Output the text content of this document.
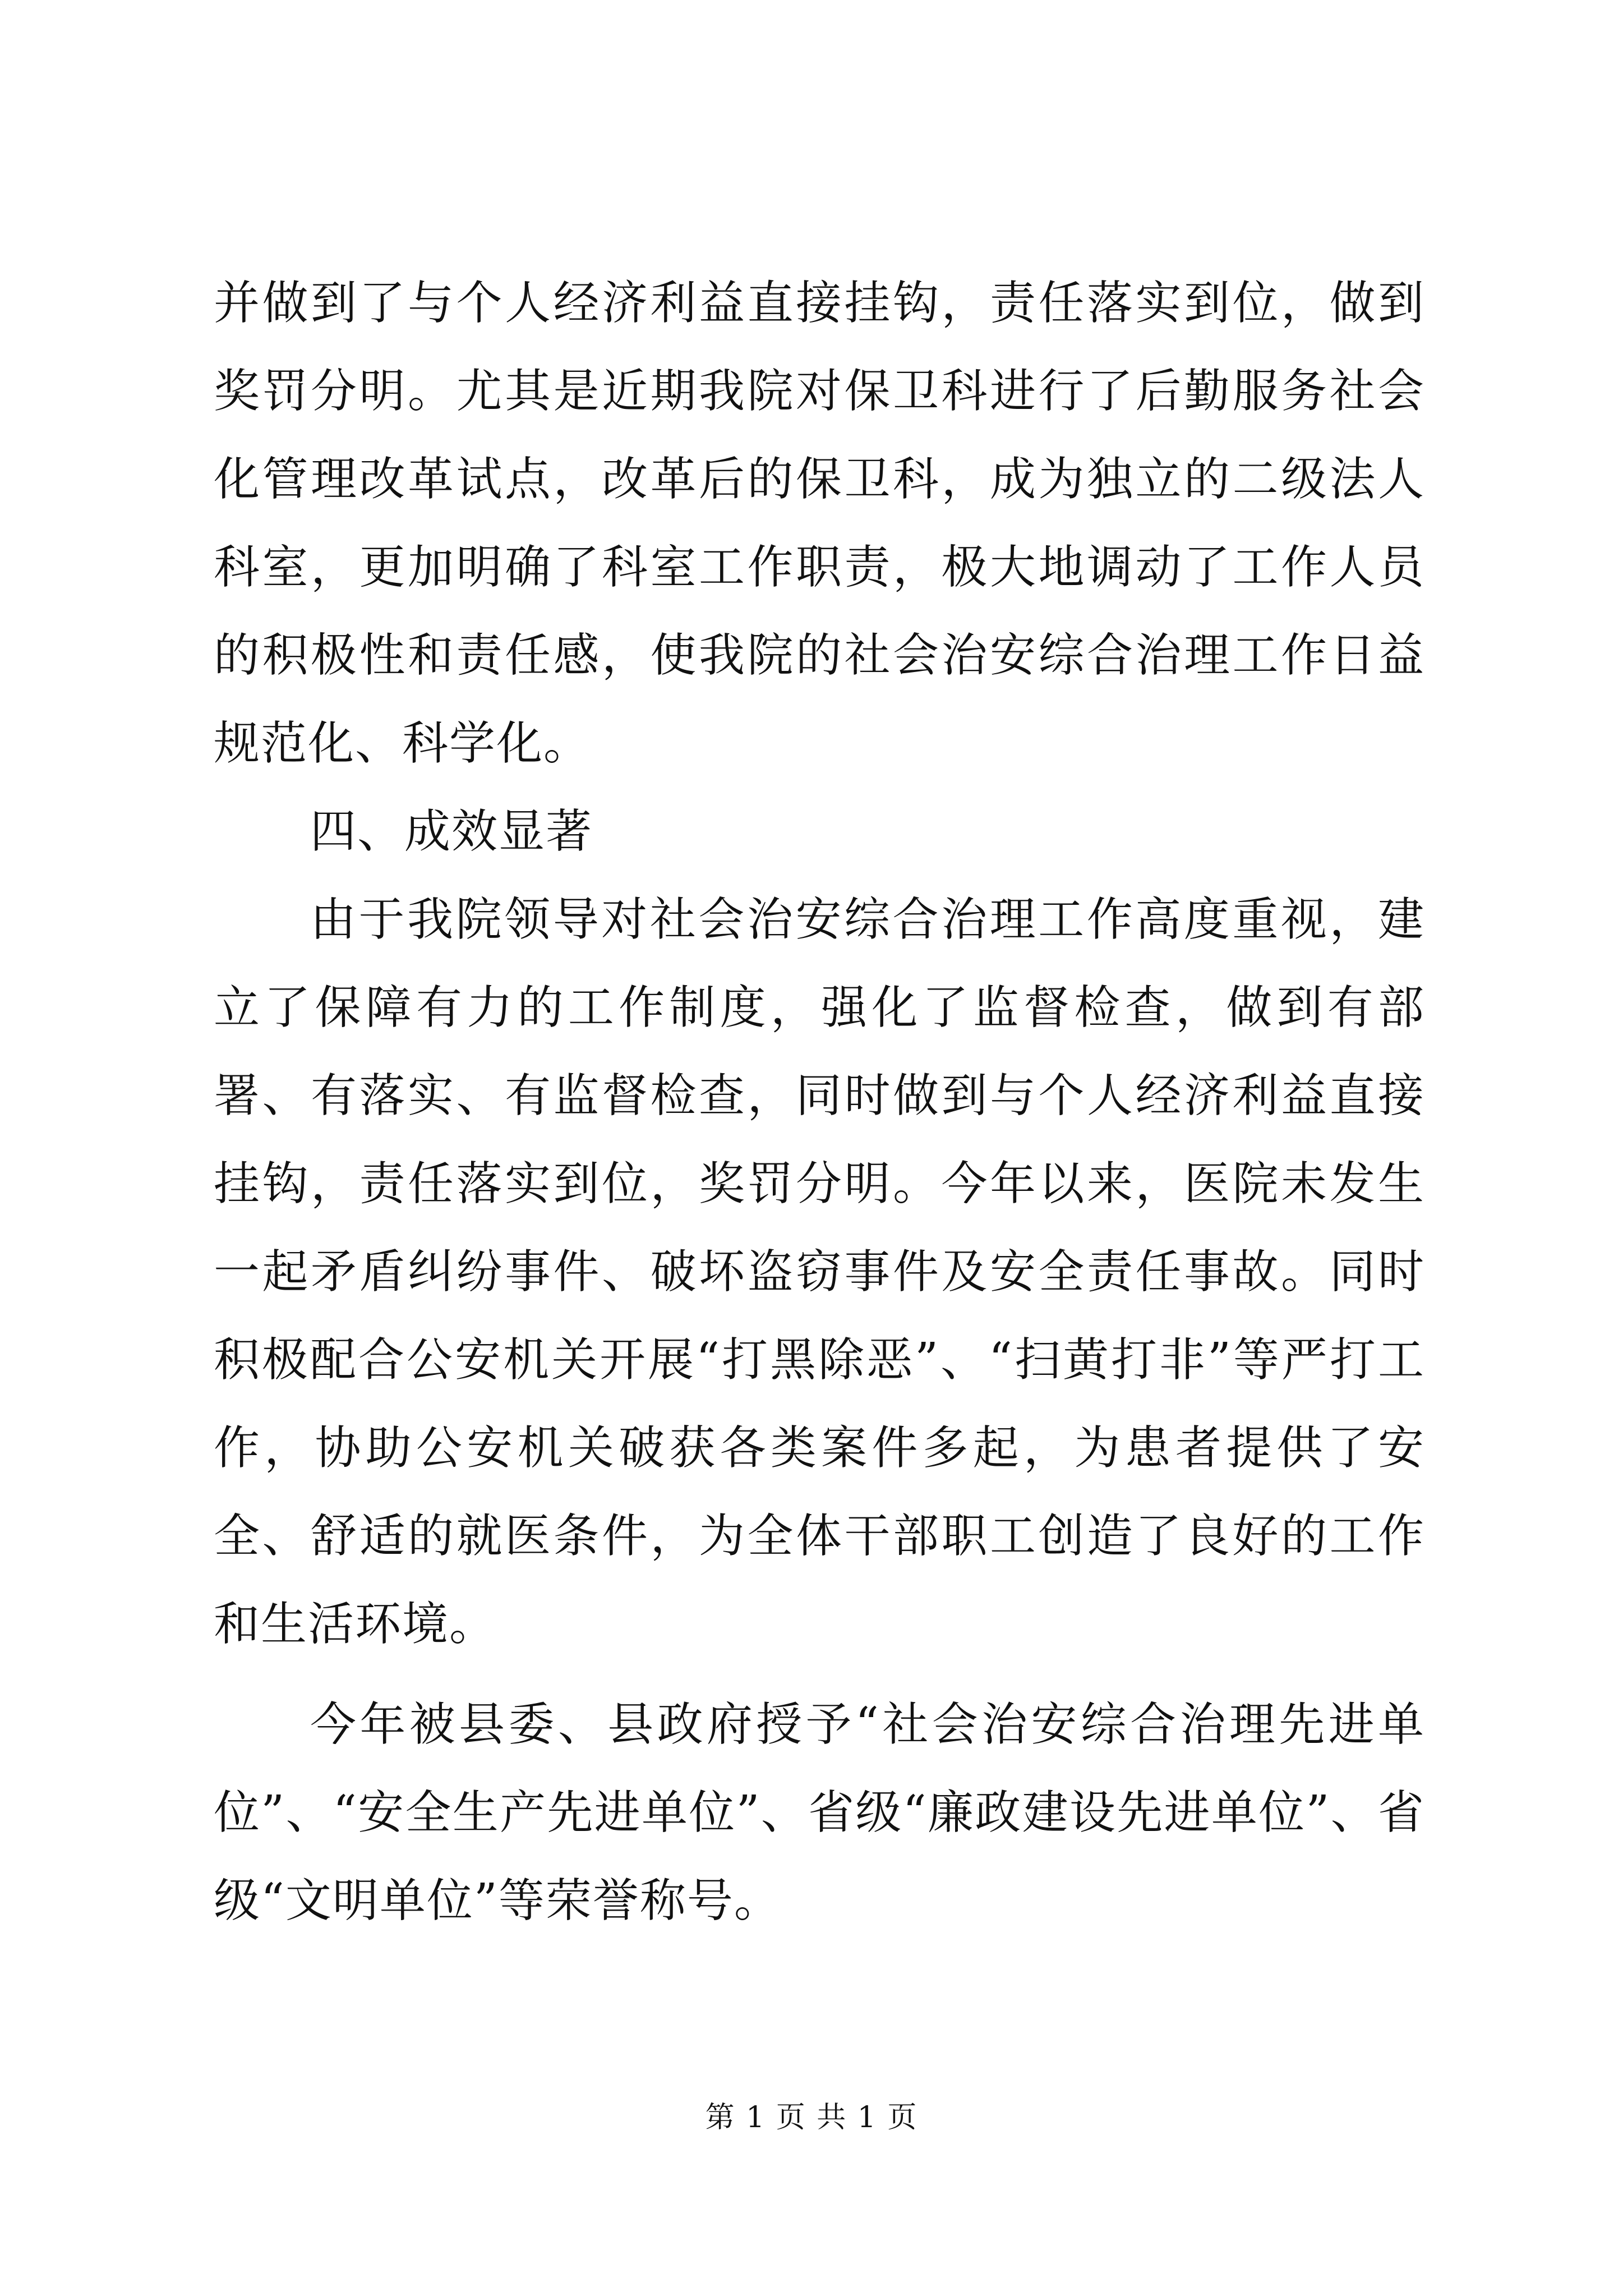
并做到了与个人经济利益直接挂钩，责任落实到位，做到奖罚分明。尤其是近期我院对保卫科进行了后勤服务社会化管理改革试点，改革后的保卫科，成为独立的二级法人科室，更加明确了科室工作职责，极大地调动了工作人员的积极性和责任感，使我院的社会治安综合治理工作日益规范化、科学化。

四、成效显著

由于我院领导对社会治安综合治理工作高度重视，建立了保障有力的工作制度，强化了监督检查，做到有部署、有落实、有监督检查，同时做到与个人经济利益直接挂钩，责任落实到位，奖罚分明。今年以来，医院未发生一起矛盾纠纷事件、破坏盗窃事件及安全责任事故。同时积极配合公安机关开展“打黑除恶”、“扫黄打非”等严打工作，协助公安机关破获各类案件多起，为患者提供了安全、舒适的就医条件，为全体干部职工创造了良好的工作和生活环境。

今年被县委、县政府授予“社会治安综合治理先进单位”、“安全生产先进单位”、省级“廉政建设先进单位”、省级“文明单位”等荣誉称号。

第 1 页 共 1 页
